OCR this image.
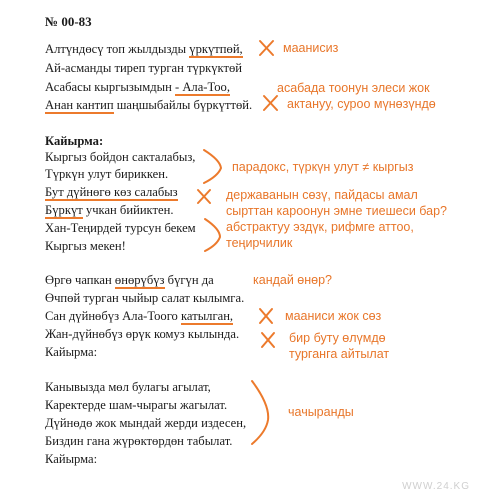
№ 00-83
Алтүндөсү топ жылдызды үркүтпөй,
Ай-асманды тиреп турган түркүктөй
Асабасы кыргызымдын - Ала-Тоо,
Анан кантип шаңшыбайлы бүркүттөй.
Кайырма:
Кыргыз бойдон сакталабыз,
Түркүн улут бириккен.
Бут дүйнөгө көз салабыз
Бүркүт учкан бийиктен.
Хан-Теңирдей турсун бекем
Кыргыз мекен!
Өргө чапкан өнөрүбүз бүгүн да
Өчпөй турган чыйыр салат кылымга.
Сан дүйнөбүз Ала-Тоого катылган,
Жан-дүйнөбүз өрүк комуз кылында.
Кайырма:
Канывызда мөл булагы агылат,
Каректерде шам-чырагы жагылат.
Дүйнөдө жок мындай жерди издесен,
Биздин гана жүрөктөрдөн табылат.
Кайырма:
маанисиз
асабада тоонун элеси жок
актануу, суроо мүнөзүндө
парадокс, түркүн улут ≠ кыргыз
державанын сөзү, пайдасы амал
сырттан кароонун эмне тиешеси бар?
абстрактуу эздүк, рифмге аттоо,
теңирчилик
кандай өнөр?
мааниси жок сөз
бир буту өлүмдө
турганга айтылат
чачыранды
WWW.24.KG
